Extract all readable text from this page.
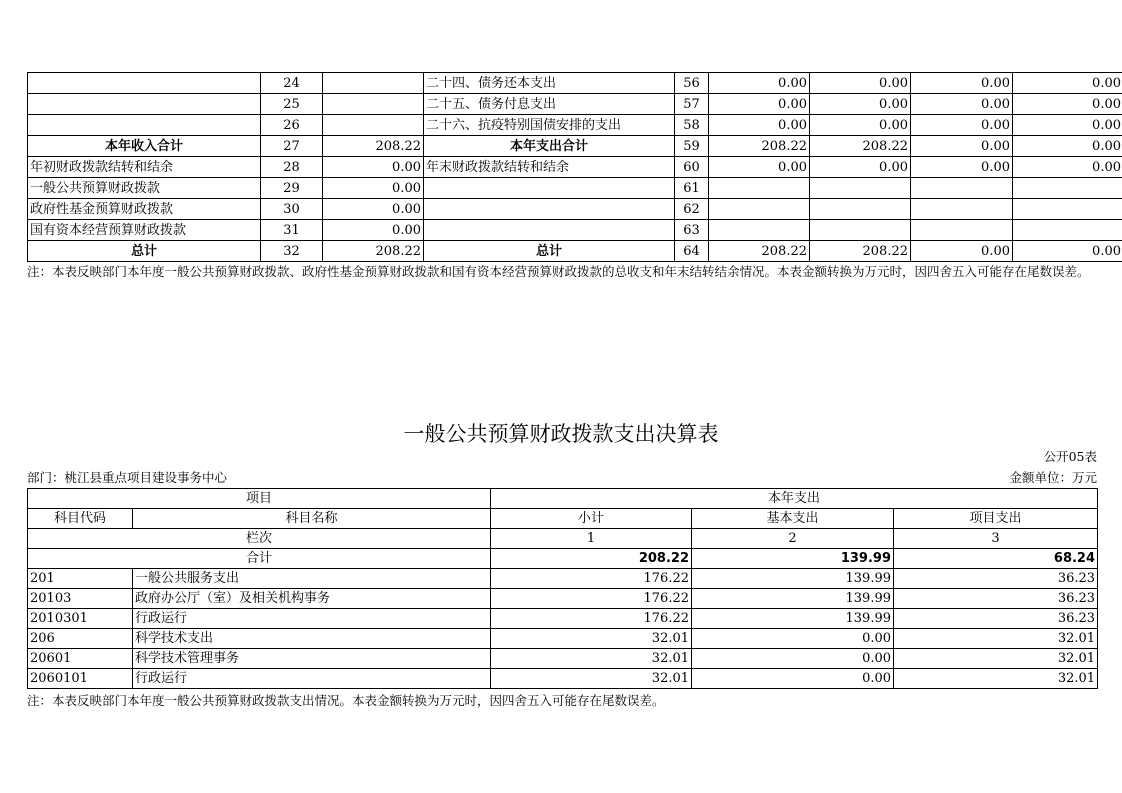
	24		二十四、债务还本支出	56	0.00	0.00	0.00	0.00
	25		二十五、债务付息支出	57	0.00	0.00	0.00	0.00
	26		二十六、抗疫特别国债安排的支出	58	0.00	0.00	0.00	0.00
本年收入合计	27	208.22	本年支出合计	59	208.22	208.22	0.00	0.00
年初财政拨款结转和结余	28	0.00	年末财政拨款结转和结余	60	0.00	0.00	0.00	0.00
一般公共预算财政拨款	29	0.00		61				
政府性基金预算财政拨款	30	0.00		62				
国有资本经营预算财政拨款	31	0.00		63				
总计	32	208.22	总计	64	208.22	208.22	0.00	0.00
注：本表反映部门本年度一般公共预算财政拨款、政府性基金预算财政拨款和国有资本经营预算财政拨款的总收支和年末结转结余情况。本表金额转换为万元时，因四舍五入可能存在尾数误差。
一般公共预算财政拨款支出决算表
公开05表
部门：桃江县重点项目建设事务中心	金额单位：万元
项目		本年支出		
科目代码	科目名称	小计	基本支出	项目支出
栏次		1	2	3
合计		208.22	139.99	68.24
201	一般公共服务支出	176.22	139.99	36.23
20103	政府办公厅（室）及相关机构事务	176.22	139.99	36.23
2010301	行政运行	176.22	139.99	36.23
206	科学技术支出	32.01	0.00	32.01
20601	科学技术管理事务	32.01	0.00	32.01
2060101	行政运行	32.01	0.00	32.01
注：本表反映部门本年度一般公共预算财政拨款支出情况。本表金额转换为万元时，因四舍五入可能存在尾数误差。
